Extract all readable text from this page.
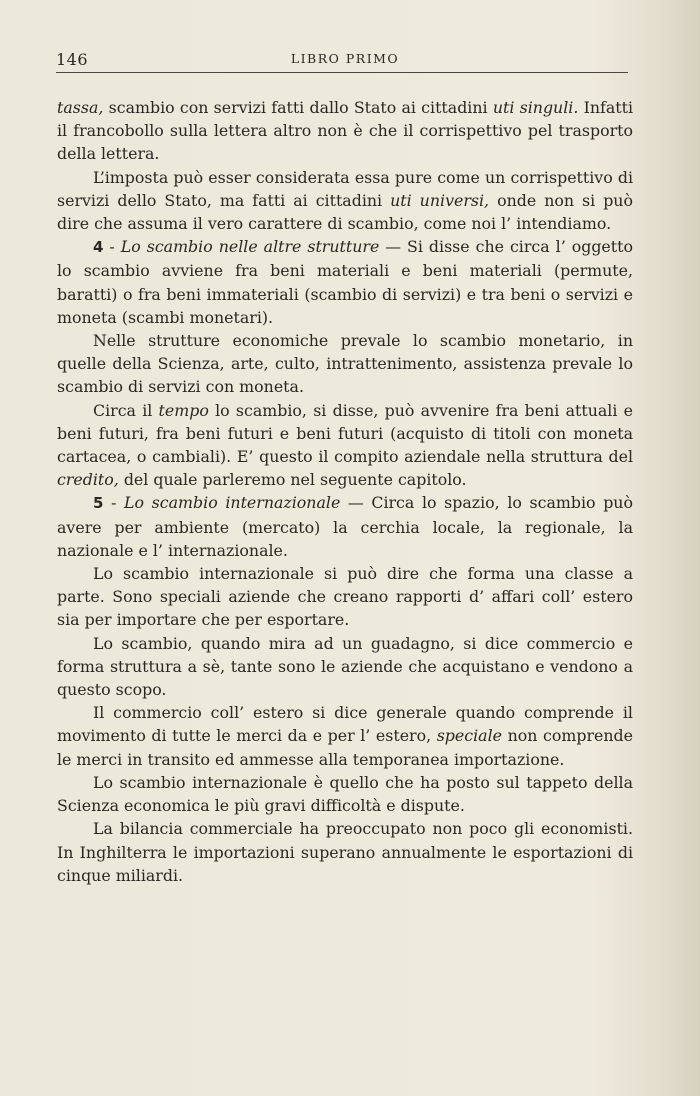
146	LIBRO PRIMO

tassa, scambio con servizi fatti dallo Stato ai cittadini uti singuli. Infatti il francobollo sulla lettera altro non è che il corrispettivo pel trasporto della lettera.

L’imposta può esser considerata essa pure come un corrispettivo di servizi dello Stato, ma fatti ai cittadini uti universi, onde non si può dire che assuma il vero carattere di scambio, come noi l’ intendiamo.

4 - Lo scambio nelle altre strutture — Si disse che circa l’ oggetto lo scambio avviene fra beni materiali e beni materiali (permute, baratti) o fra beni immateriali (scambio di servizi) e tra beni o servizi e moneta (scambi monetari).

Nelle strutture economiche prevale lo scambio monetario, in quelle della Scienza, arte, culto, intrattenimento, assistenza prevale lo scambio di servizi con moneta.

Circa il tempo lo scambio, si disse, può avvenire fra beni attuali e beni futuri, fra beni futuri e beni futuri (acquisto di titoli con moneta cartacea, o cambiali). E’ questo il compito aziendale nella struttura del credito, del quale parleremo nel seguente capitolo.

5 - Lo scambio internazionale — Circa lo spazio, lo scambio può avere per ambiente (mercato) la cerchia locale, la regionale, la nazionale e l’ internazionale.

Lo scambio internazionale si può dire che forma una classe a parte. Sono speciali aziende che creano rapporti d’ affari coll’ estero sia per importare che per esportare.

Lo scambio, quando mira ad un guadagno, si dice commercio e forma struttura a sè, tante sono le aziende che acquistano e vendono a questo scopo.

Il commercio coll’ estero si dice generale quando comprende il movimento di tutte le merci da e per l’ estero, speciale non comprende le merci in transito ed ammesse alla temporanea importazione.

Lo scambio internazionale è quello che ha posto sul tappeto della Scienza economica le più gravi difficoltà e dispute.

La bilancia commerciale ha preoccupato non poco gli economisti. In Inghilterra le importazioni superano annualmente le esportazioni di cinque miliardi.
